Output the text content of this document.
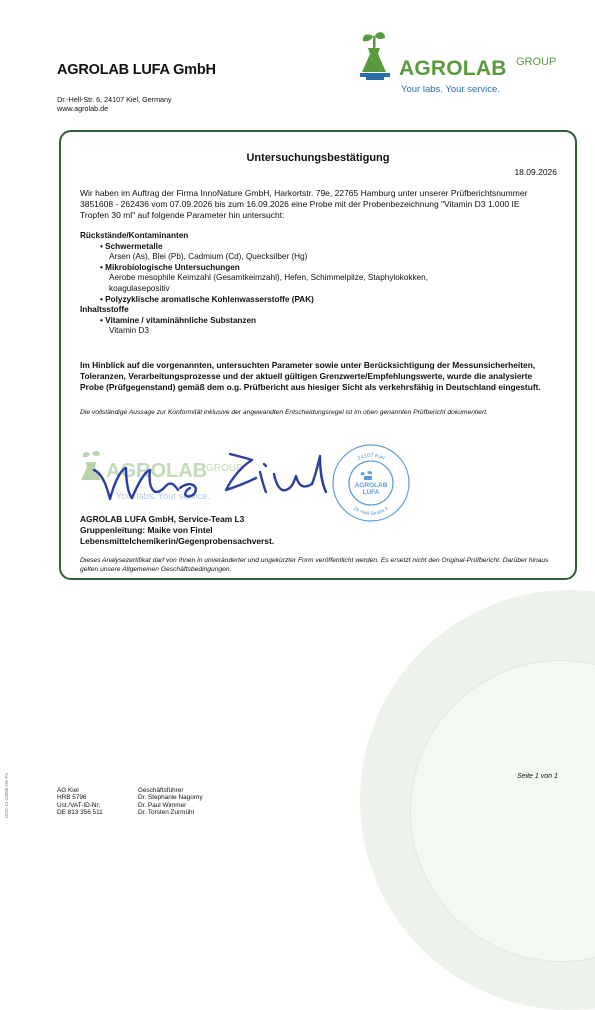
AGROLAB LUFA GmbH
Dr.-Hell-Str. 6, 24107 Kiel, Germany
www.agrolab.de
AGROLAB GROUP
Your labs. Your service.
Untersuchungsbestätigung
18.09.2026
Wir haben im Auftrag der Firma InnoNature GmbH, Harkortstr. 79e, 22765 Hamburg unter unserer Prüfberichtsnummer 3851608 - 262436 vom 07.09.2026 bis zum 16.09.2026 eine Probe mit der Probenbezeichnung "Vitamin D3 1.000 IE Tropfen 30 ml" auf folgende Parameter hin untersucht:
Rückstände/Kontaminanten
• Schwermetalle
Arsen (As), Blei (Pb), Cadmium (Cd), Quecksilber (Hg)
• Mikrobiologische Untersuchungen
Aerobe mesophile Keimzahl (Gesamtkeimzahl), Hefen, Schimmelpilze, Staphylokokken,
koagulasepositiv
• Polyzyklische aromatische Kohlenwasserstoffe (PAK)
Inhaltsstoffe
• Vitamine / vitaminähnliche Substanzen
Vitamin D3
Im Hinblick auf die vorgenannten, untersuchten Parameter sowie unter Berücksichtigung der Messunsicherheiten, Toleranzen, Verarbeitungsprozesse und der aktuell gültigen Grenzwerte/Empfehlungswerte, wurde die analysierte Probe (Prüfgegenstand) gemäß dem o.g. Prüfbericht aus hiesiger Sicht als verkehrsfähig in Deutschland eingestuft.
Die vollständige Aussage zur Konformität inklusive der angewandten Entscheidungsregel ist im oben genannten Prüfbericht dokumentiert.
AGROLAB
GROUP
Your labs. Your service.
24107 Kiel
Dr.-Hell-Straße 6
AGROLAB
LUFA
AGROLAB LUFA GmbH, Service-Team L3
Gruppenleitung: Maike von Fintel
Lebensmittelchemikerin/Gegenprobensachverst.
Dieses Analysezertifikat darf von Ihnen in unveränderter und ungekürzter Form veröffentlicht werden. Es ersetzt nicht den Original-Prüfbericht. Darüber hinaus gelten unsere Allgemeinen Geschäftsbedingungen.
Seite 1 von 1
AG Kiel
HRB 5796
Ust./VAT-ID-Nr:
DE 813 356 511
Geschäftsführer
Dr. Stephanie Nagorny
Dr. Paul Wimmer
Dr. Torsten Zurmühl
DOC-12-24808-DE-P1
